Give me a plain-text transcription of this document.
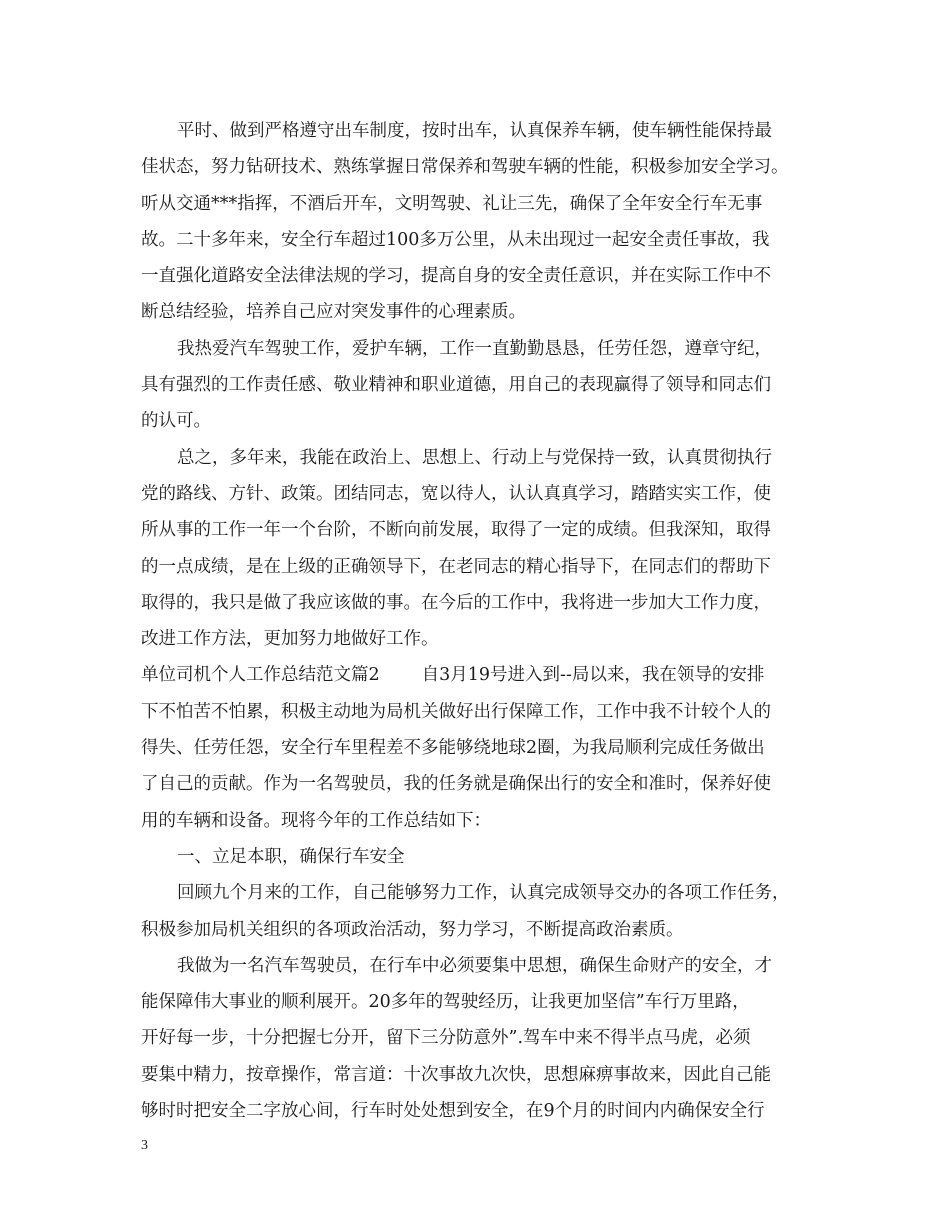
平时、做到严格遵守出车制度，按时出车，认真保养车辆，使车辆性能保持最
佳状态，努力钻研技术、熟练掌握日常保养和驾驶车辆的性能，积极参加安全学习。
听从交通***指挥，不酒后开车，文明驾驶、礼让三先，确保了全年安全行车无事
故。二十多年来，安全行车超过100多万公里，从未出现过一起安全责任事故，我
一直强化道路安全法律法规的学习，提高自身的安全责任意识，并在实际工作中不
断总结经验，培养自己应对突发事件的心理素质。
我热爱汽车驾驶工作，爱护车辆，工作一直勤勤恳恳，任劳任怨，遵章守纪，
具有强烈的工作责任感、敬业精神和职业道德，用自己的表现赢得了领导和同志们
的认可。
总之，多年来，我能在政治上、思想上、行动上与党保持一致，认真贯彻执行
党的路线、方针、政策。团结同志，宽以待人，认认真真学习，踏踏实实工作，使
所从事的工作一年一个台阶，不断向前发展，取得了一定的成绩。但我深知，取得
的一点成绩，是在上级的正确领导下，在老同志的精心指导下，在同志们的帮助下
取得的，我只是做了我应该做的事。在今后的工作中，我将进一步加大工作力度，
改进工作方法，更加努力地做好工作。
单位司机个人工作总结范文篇2 自3月19号进入到--局以来，我在领导的安排
下不怕苦不怕累，积极主动地为局机关做好出行保障工作，工作中我不计较个人的
得失、任劳任怨，安全行车里程差不多能够绕地球2圈，为我局顺利完成任务做出
了自己的贡献。作为一名驾驶员，我的任务就是确保出行的安全和准时，保养好使
用的车辆和设备。现将今年的工作总结如下：
一、立足本职，确保行车安全
回顾九个月来的工作，自己能够努力工作，认真完成领导交办的各项工作任务，
积极参加局机关组织的各项政治活动，努力学习，不断提高政治素质。
我做为一名汽车驾驶员，在行车中必须要集中思想，确保生命财产的安全，才
能保障伟大事业的顺利展开。20多年的驾驶经历，让我更加坚信”车行万里路，
开好每一步，十分把握七分开，留下三分防意外”.驾车中来不得半点马虎，必须
要集中精力，按章操作，常言道：十次事故九次快，思想麻痹事故来，因此自己能
够时时把安全二字放心间，行车时处处想到安全，在9个月的时间内内确保安全行
3
